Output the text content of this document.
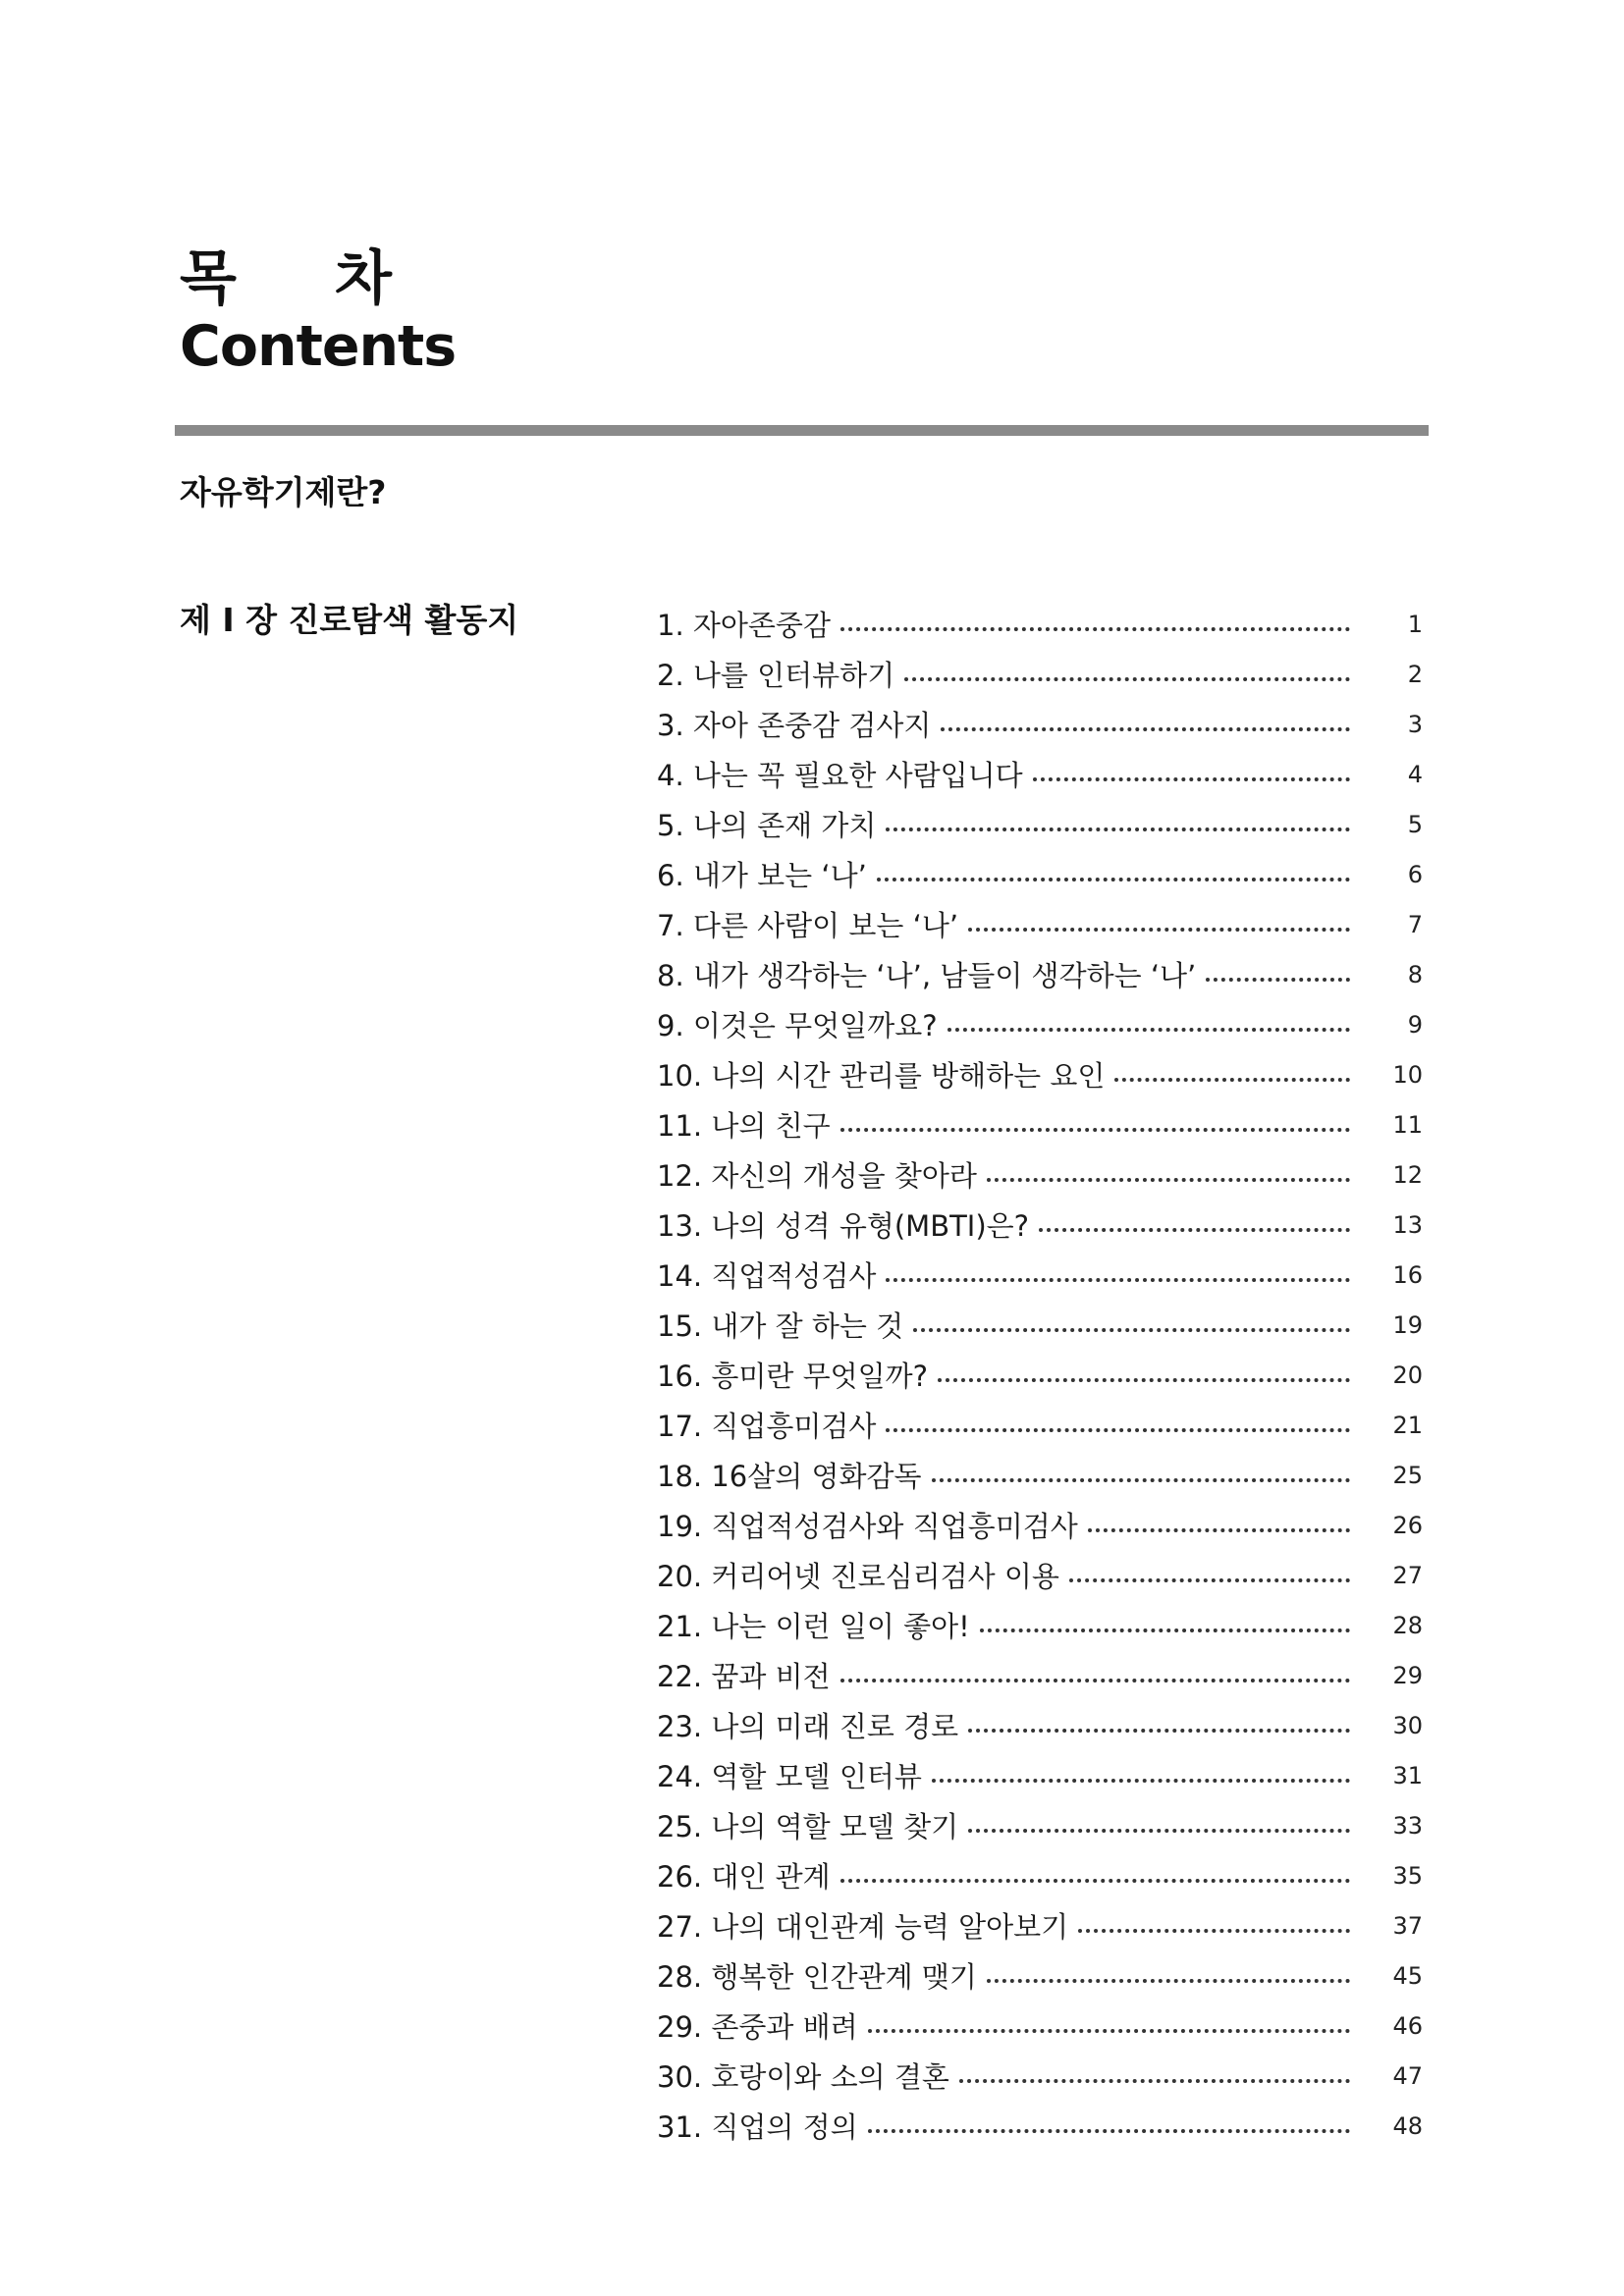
목 차
Contents
자유학기제란?
제 I 장 진로탐색 활동지	1. 자아존중감	1
2. 나를 인터뷰하기	2
3. 자아 존중감 검사지	3
4. 나는 꼭 필요한 사람입니다	4
5. 나의 존재 가치	5
6. 내가 보는 ‘나’	6
7. 다른 사람이 보는 ‘나’	7
8. 내가 생각하는 ‘나’, 남들이 생각하는 ‘나’	8
9. 이것은 무엇일까요?	9
10. 나의 시간 관리를 방해하는 요인	10
11. 나의 친구	11
12. 자신의 개성을 찾아라	12
13. 나의 성격 유형(MBTI)은?	13
14. 직업적성검사	16
15. 내가 잘 하는 것	19
16. 흥미란 무엇일까?	20
17. 직업흥미검사	21
18. 16살의 영화감독	25
19. 직업적성검사와 직업흥미검사	26
20. 커리어넷 진로심리검사 이용	27
21. 나는 이런 일이 좋아!	28
22. 꿈과 비전	29
23. 나의 미래 진로 경로	30
24. 역할 모델 인터뷰	31
25. 나의 역할 모델 찾기	33
26. 대인 관계	35
27. 나의 대인관계 능력 알아보기	37
28. 행복한 인간관계 맺기	45
29. 존중과 배려	46
30. 호랑이와 소의 결혼	47
31. 직업의 정의	48
